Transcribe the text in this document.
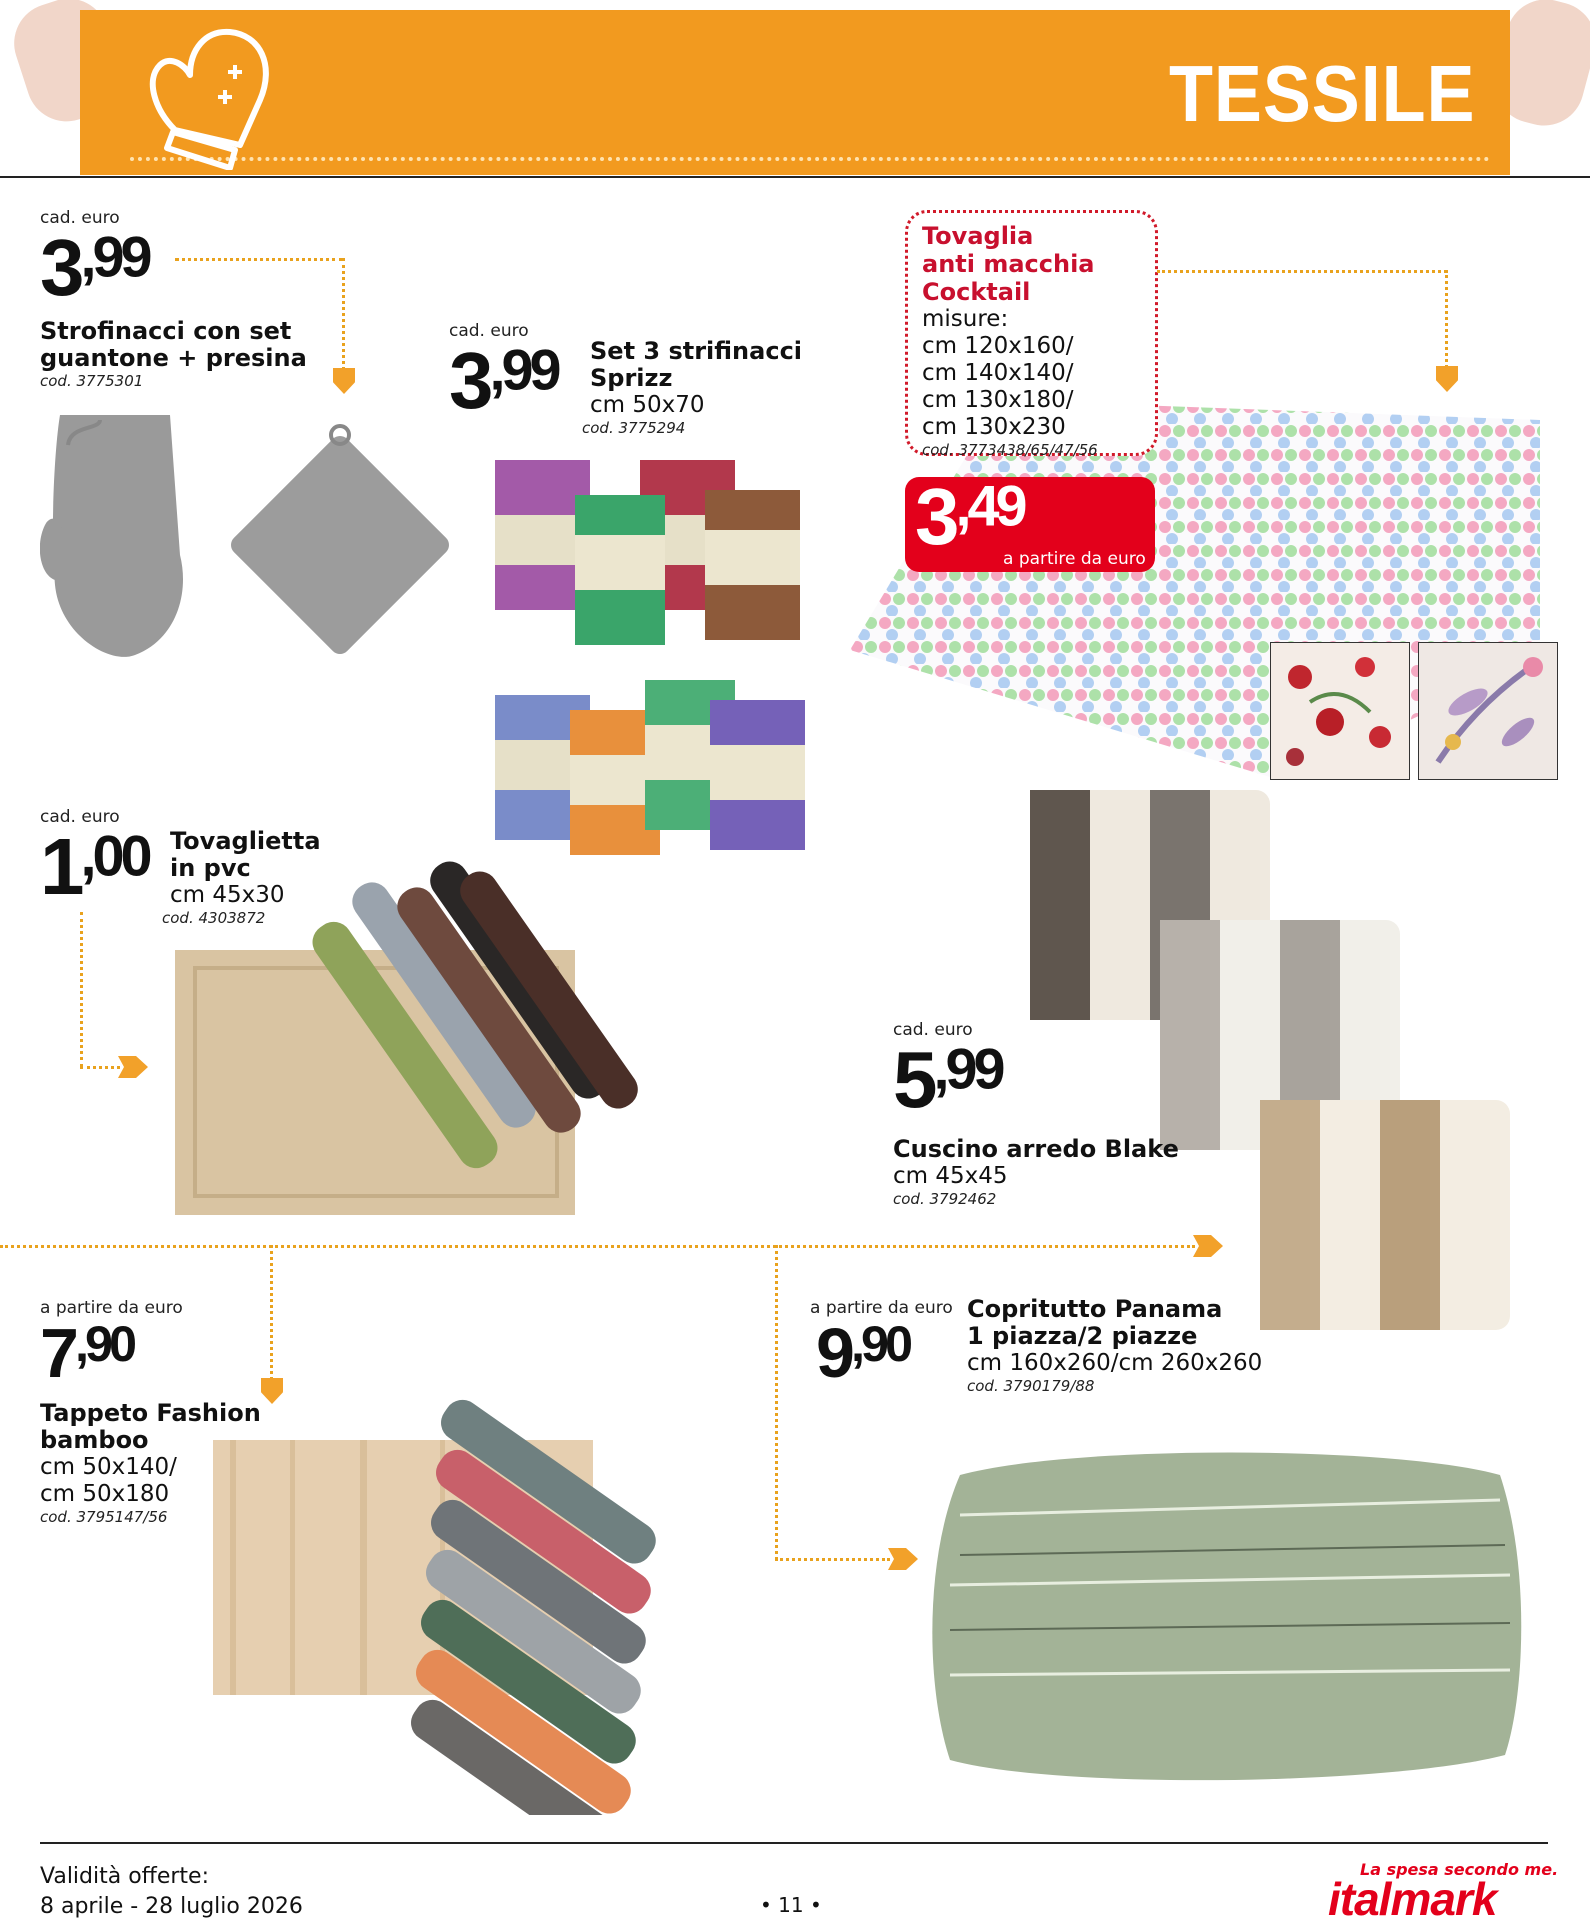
TESSILE
cad. euro
$3^{,99}$
Strofinacci con set
guantone + presina
cod. 3775301
cad. euro
$3^{,99}$ Set 3 strifinacci
Sprizz
cm 50x70
cod. 3775294
Tovaglia
anti macchia
Cocktail
misure:
cm 120x160/
cm 140x140/
cm 130x180/
cm 130x230
cod. 3773438/65/47/56
$3^{,49}$
a partire da euro
cad. euro
$1^{,00}$ Tovaglietta
in pvc
cm 45x30
cod. 4303872
cad. euro
$5^{,99}$
Cuscino arredo Blake
cm 45x45
cod. 3792462
a partire da euro
$7^{,90}$
Tappeto Fashion
bamboo
cm 50x140/
cm 50x180
cod. 3795147/56
a partire da euro
$9^{,90}$
Copritutto Panama
1 piazza/2 piazze
cm 160x260/cm 260x260
cod. 3790179/88
Validità offerte:
8 aprile - 28 luglio 2026	• 11 •
La spesa secondo me.
italmark
